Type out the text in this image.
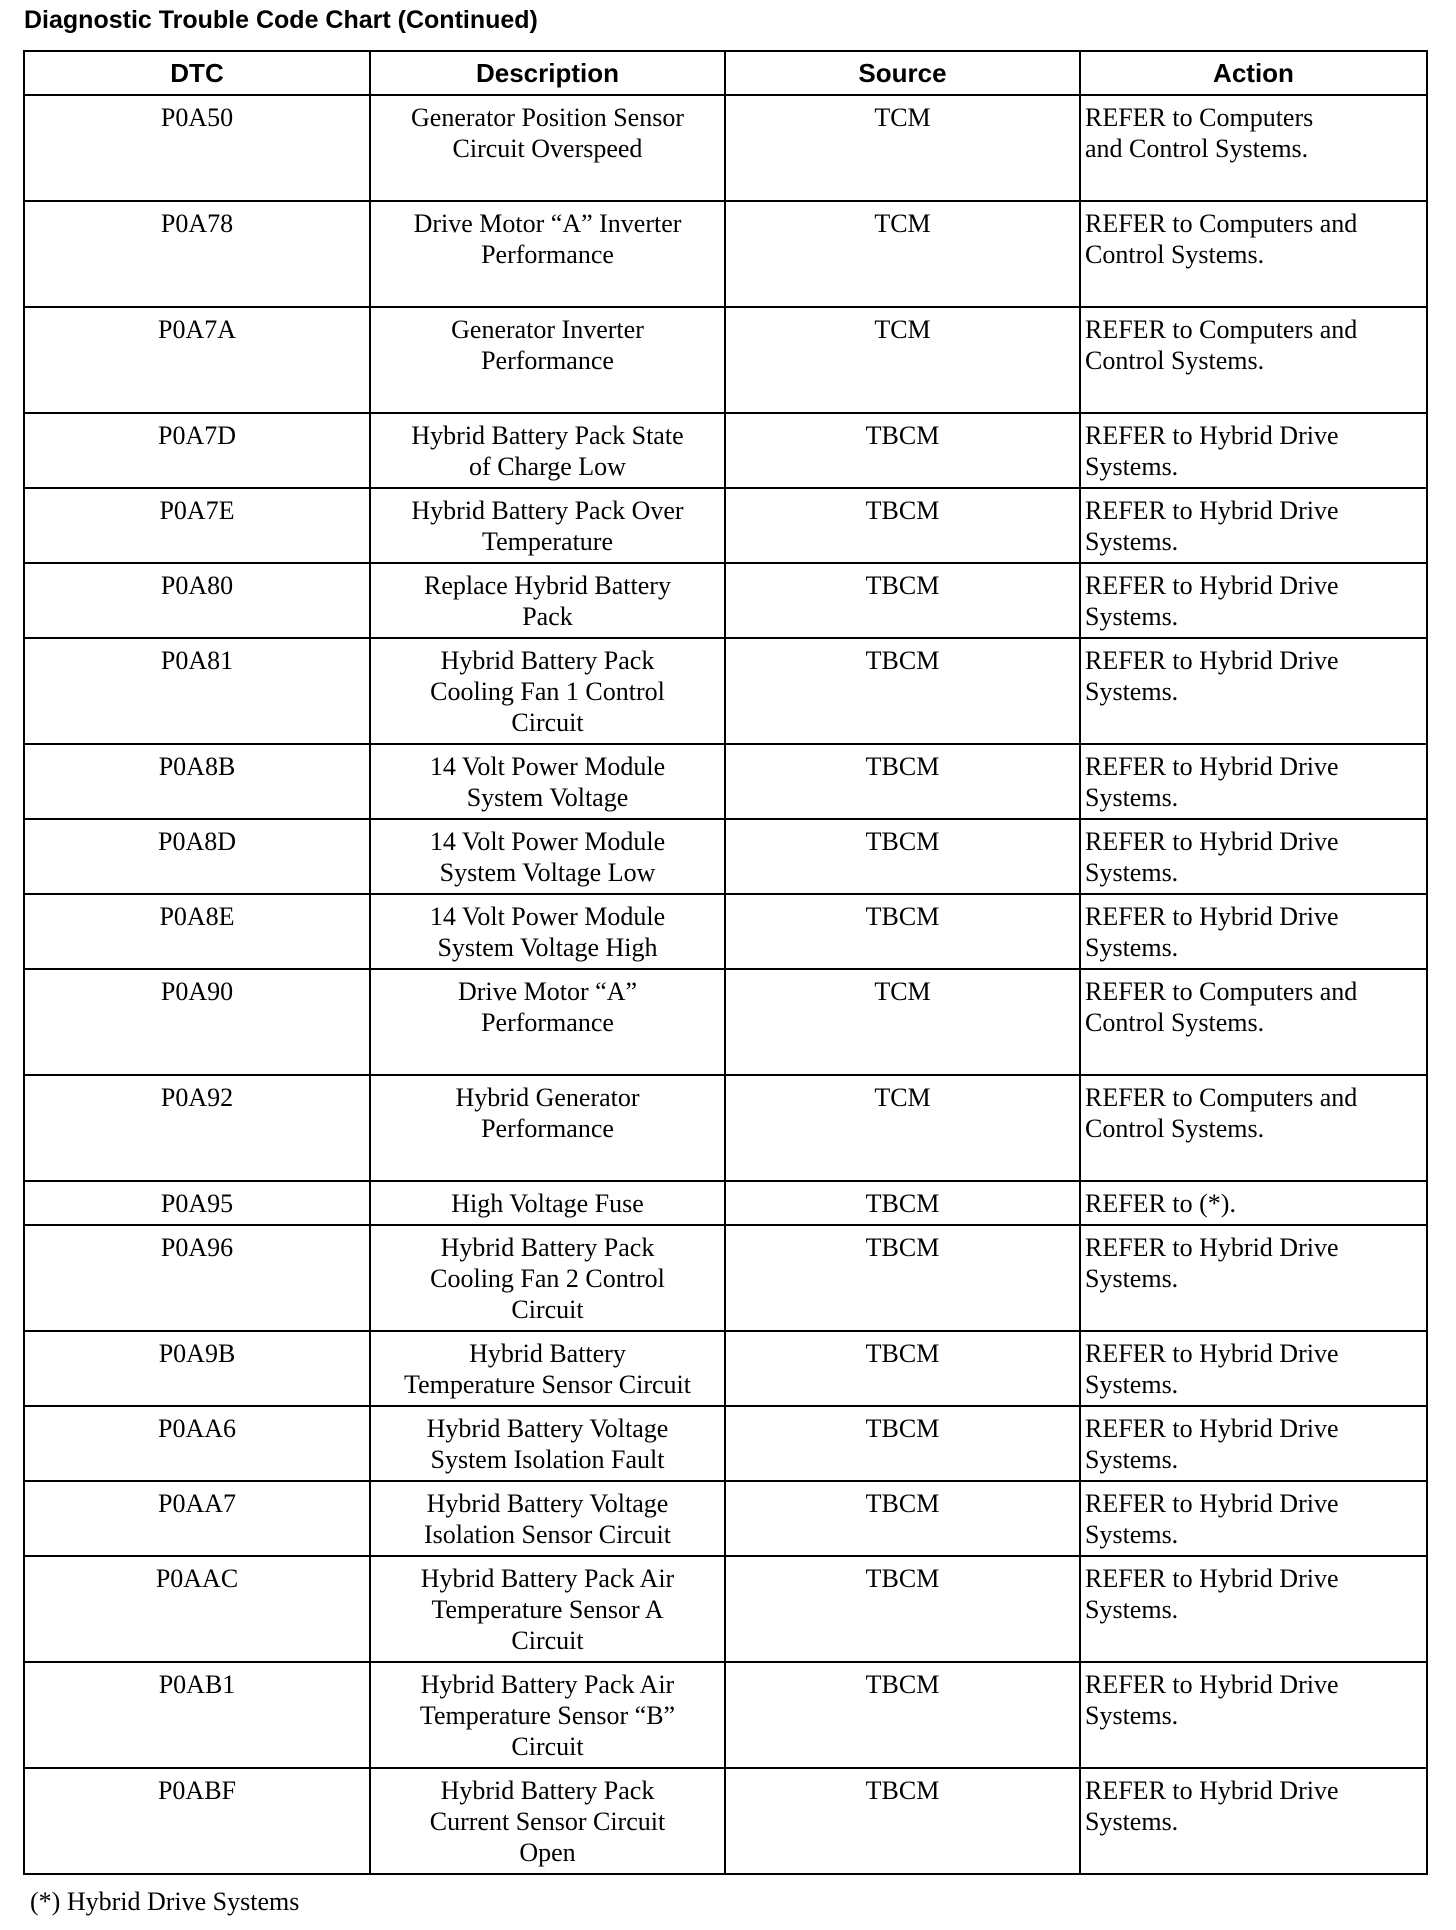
Diagnostic Trouble Code Chart (Continued)
DTC	Description	Source	Action
P0A50	Generator Position Sensor
Circuit Overspeed	TCM	REFER to Computers
and Control Systems.
P0A78	Drive Motor “A” Inverter
Performance	TCM	REFER to Computers and
Control Systems.
P0A7A	Generator Inverter
Performance	TCM	REFER to Computers and
Control Systems.
P0A7D	Hybrid Battery Pack State
of Charge Low	TBCM	REFER to Hybrid Drive
Systems.
P0A7E	Hybrid Battery Pack Over
Temperature	TBCM	REFER to Hybrid Drive
Systems.
P0A80	Replace Hybrid Battery
Pack	TBCM	REFER to Hybrid Drive
Systems.
P0A81	Hybrid Battery Pack
Cooling Fan 1 Control
Circuit	TBCM	REFER to Hybrid Drive
Systems.
P0A8B	14 Volt Power Module
System Voltage	TBCM	REFER to Hybrid Drive
Systems.
P0A8D	14 Volt Power Module
System Voltage Low	TBCM	REFER to Hybrid Drive
Systems.
P0A8E	14 Volt Power Module
System Voltage High	TBCM	REFER to Hybrid Drive
Systems.
P0A90	Drive Motor “A”
Performance	TCM	REFER to Computers and
Control Systems.
P0A92	Hybrid Generator
Performance	TCM	REFER to Computers and
Control Systems.
P0A95	High Voltage Fuse	TBCM	REFER to (*).
P0A96	Hybrid Battery Pack
Cooling Fan 2 Control
Circuit	TBCM	REFER to Hybrid Drive
Systems.
P0A9B	Hybrid Battery
Temperature Sensor Circuit	TBCM	REFER to Hybrid Drive
Systems.
P0AA6	Hybrid Battery Voltage
System Isolation Fault	TBCM	REFER to Hybrid Drive
Systems.
P0AA7	Hybrid Battery Voltage
Isolation Sensor Circuit	TBCM	REFER to Hybrid Drive
Systems.
P0AAC	Hybrid Battery Pack Air
Temperature Sensor A
Circuit	TBCM	REFER to Hybrid Drive
Systems.
P0AB1	Hybrid Battery Pack Air
Temperature Sensor “B”
Circuit	TBCM	REFER to Hybrid Drive
Systems.
P0ABF	Hybrid Battery Pack
Current Sensor Circuit
Open	TBCM	REFER to Hybrid Drive
Systems.
(*) Hybrid Drive Systems
